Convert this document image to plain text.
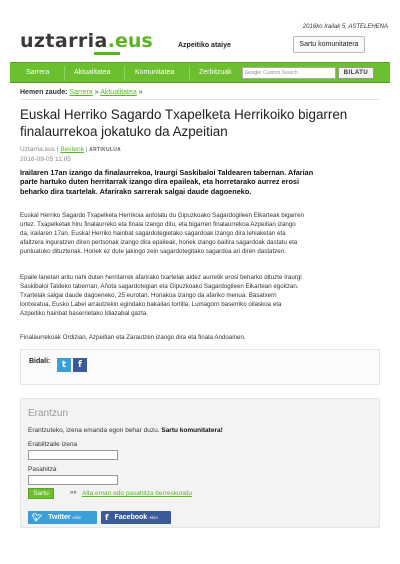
2016ko Irailak 5, ASTELEHENA
uztarria .eus	Azpeitiko ataiye	Sartu komunitatera
Sarrera	Aktualitatea	Komunitatea	Zerbitzuak	Google Custom Search	BILATU
Hemen zaude: Sarrera » Aktualitatea »
Euskal Herriko Sagardo Txapelketa Herrikoiko bigarren finalaurrekoa jokatuko da Azpeitian
Uztarria.eus | Bestenk | ARTIKULUA
2016-09-05 11:05

Irailaren 17an izango da finalaurrekoa, Iraurgi Saskibaloi Taldearen tabernan. Afarian parte hartuko duten herritarrak izango dira epaileak, eta horretarako aurrez erosi beharko dira txartelak. Afarirako sarrerak salgai daude dagoeneko.

Euskal Herriko Sagardo Txapelketa Herrikoia antolatu du Gipuzkoako Sagardogileen Elkarteak bigarren urtez. Txapelketak hiru finalaurreko eta finala izango ditu, eta bigarren finalaurrekoa Azpeitian izango da, irailaren 17an. Euskal Herriko hainbat sagardotegietako sagardoak izango dira lehiaketan eta afaltzera inguratzen diren pertsonak izango dira epaileak, horiek izango baitira sagardoak dastatu eta puntuatuko dituztenak. Horiek ez dute jakingo zein sagardotegitako sagardoa ari diren dastatzen.

Epaile lanetan aritu nahi duten herritarrek afarirako txartelak aldez aurretik erosi beharko dituzte Iraurgi Saskibaloi Taldeko tabernan, Añota sagardotegian eta Gipuzkoako Sagardogileen Elkartean egoitzan. Txartelak salgai daude dagoeneko, 25 eurotan. Honakoa izango da afariko menua: Basatxerri lontxeatua, Eusko Label arrautzekin egindako bakailao tortilla, Lumagorri baserriko oilaskoa eta Azpeitiko hainbat baserrietako Idiazabal gazta.

Finalaurrekoak Ordizian, Azpeitian eta Zarautzen izango dira eta finala Andoainen.

Bidali: t f
Erantzun
Erantzuteko, izena emanda egon behar duzu. Sartu komunitatera!
Erabiltzaile izena
Pasahitza
Sartu	»» Alta eman edo pasahitza berreskuratu
🐦︎ Twitter -ekin	f Facebook -ekin
